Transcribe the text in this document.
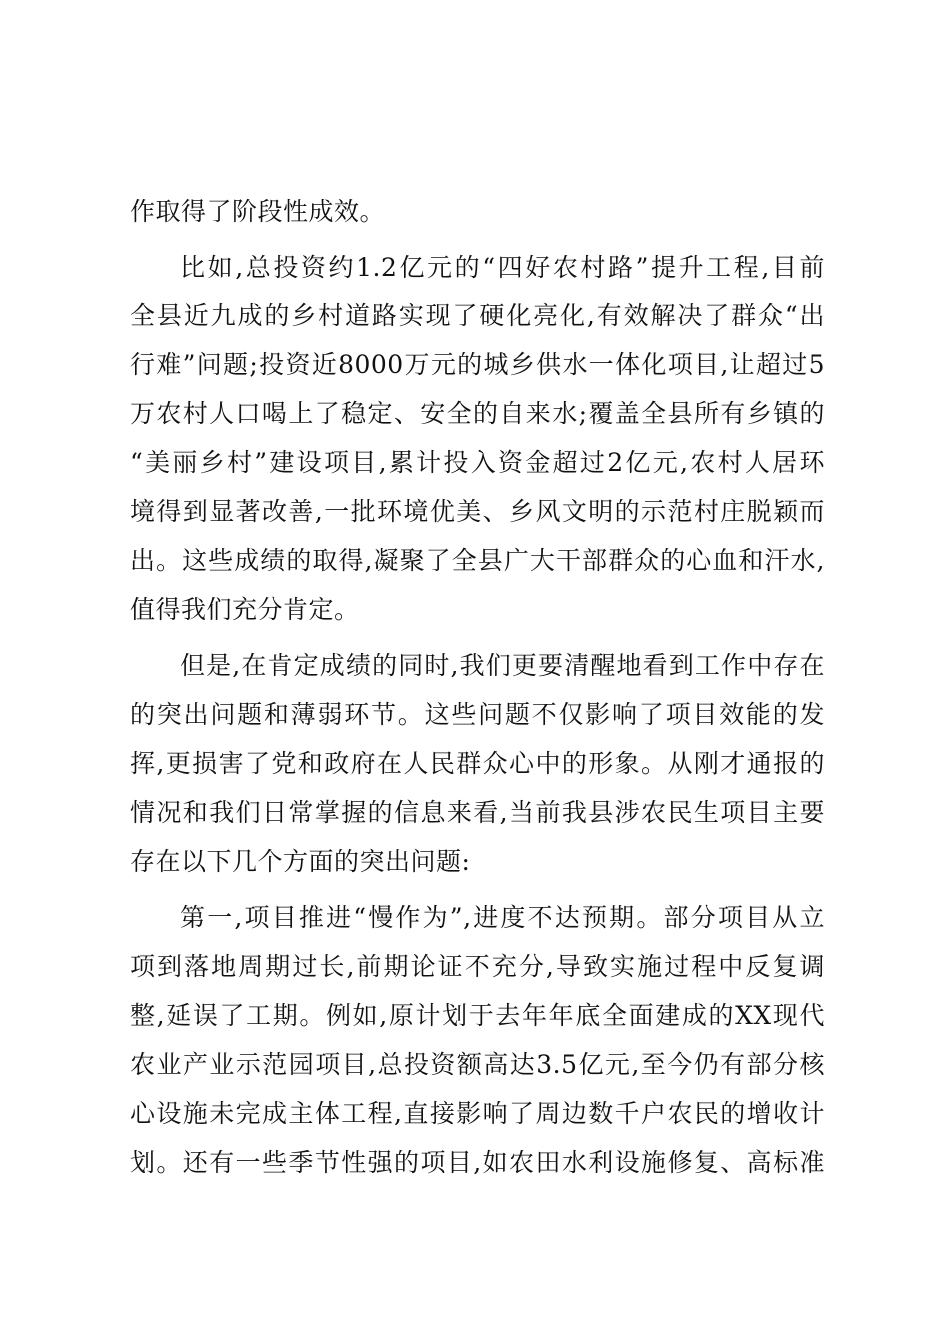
作取得了阶段性成效。
比如,总投资约1.2亿元的“四好农村路”提升工程,目前
全县近九成的乡村道路实现了硬化亮化,有效解决了群众“出
行难”问题;投资近8000万元的城乡供水一体化项目,让超过5
万农村人口喝上了稳定、安全的自来水;覆盖全县所有乡镇的
“美丽乡村”建设项目,累计投入资金超过2亿元,农村人居环
境得到显著改善,一批环境优美、乡风文明的示范村庄脱颖而
出。这些成绩的取得,凝聚了全县广大干部群众的心血和汗水,
值得我们充分肯定。
但是,在肯定成绩的同时,我们更要清醒地看到工作中存在
的突出问题和薄弱环节。这些问题不仅影响了项目效能的发
挥,更损害了党和政府在人民群众心中的形象。从刚才通报的
情况和我们日常掌握的信息来看,当前我县涉农民生项目主要
存在以下几个方面的突出问题:
第一,项目推进“慢作为”,进度不达预期。部分项目从立
项到落地周期过长,前期论证不充分,导致实施过程中反复调
整,延误了工期。例如,原计划于去年年底全面建成的XX现代
农业产业示范园项目,总投资额高达3.5亿元,至今仍有部分核
心设施未完成主体工程,直接影响了周边数千户农民的增收计
划。还有一些季节性强的项目,如农田水利设施修复、高标准
